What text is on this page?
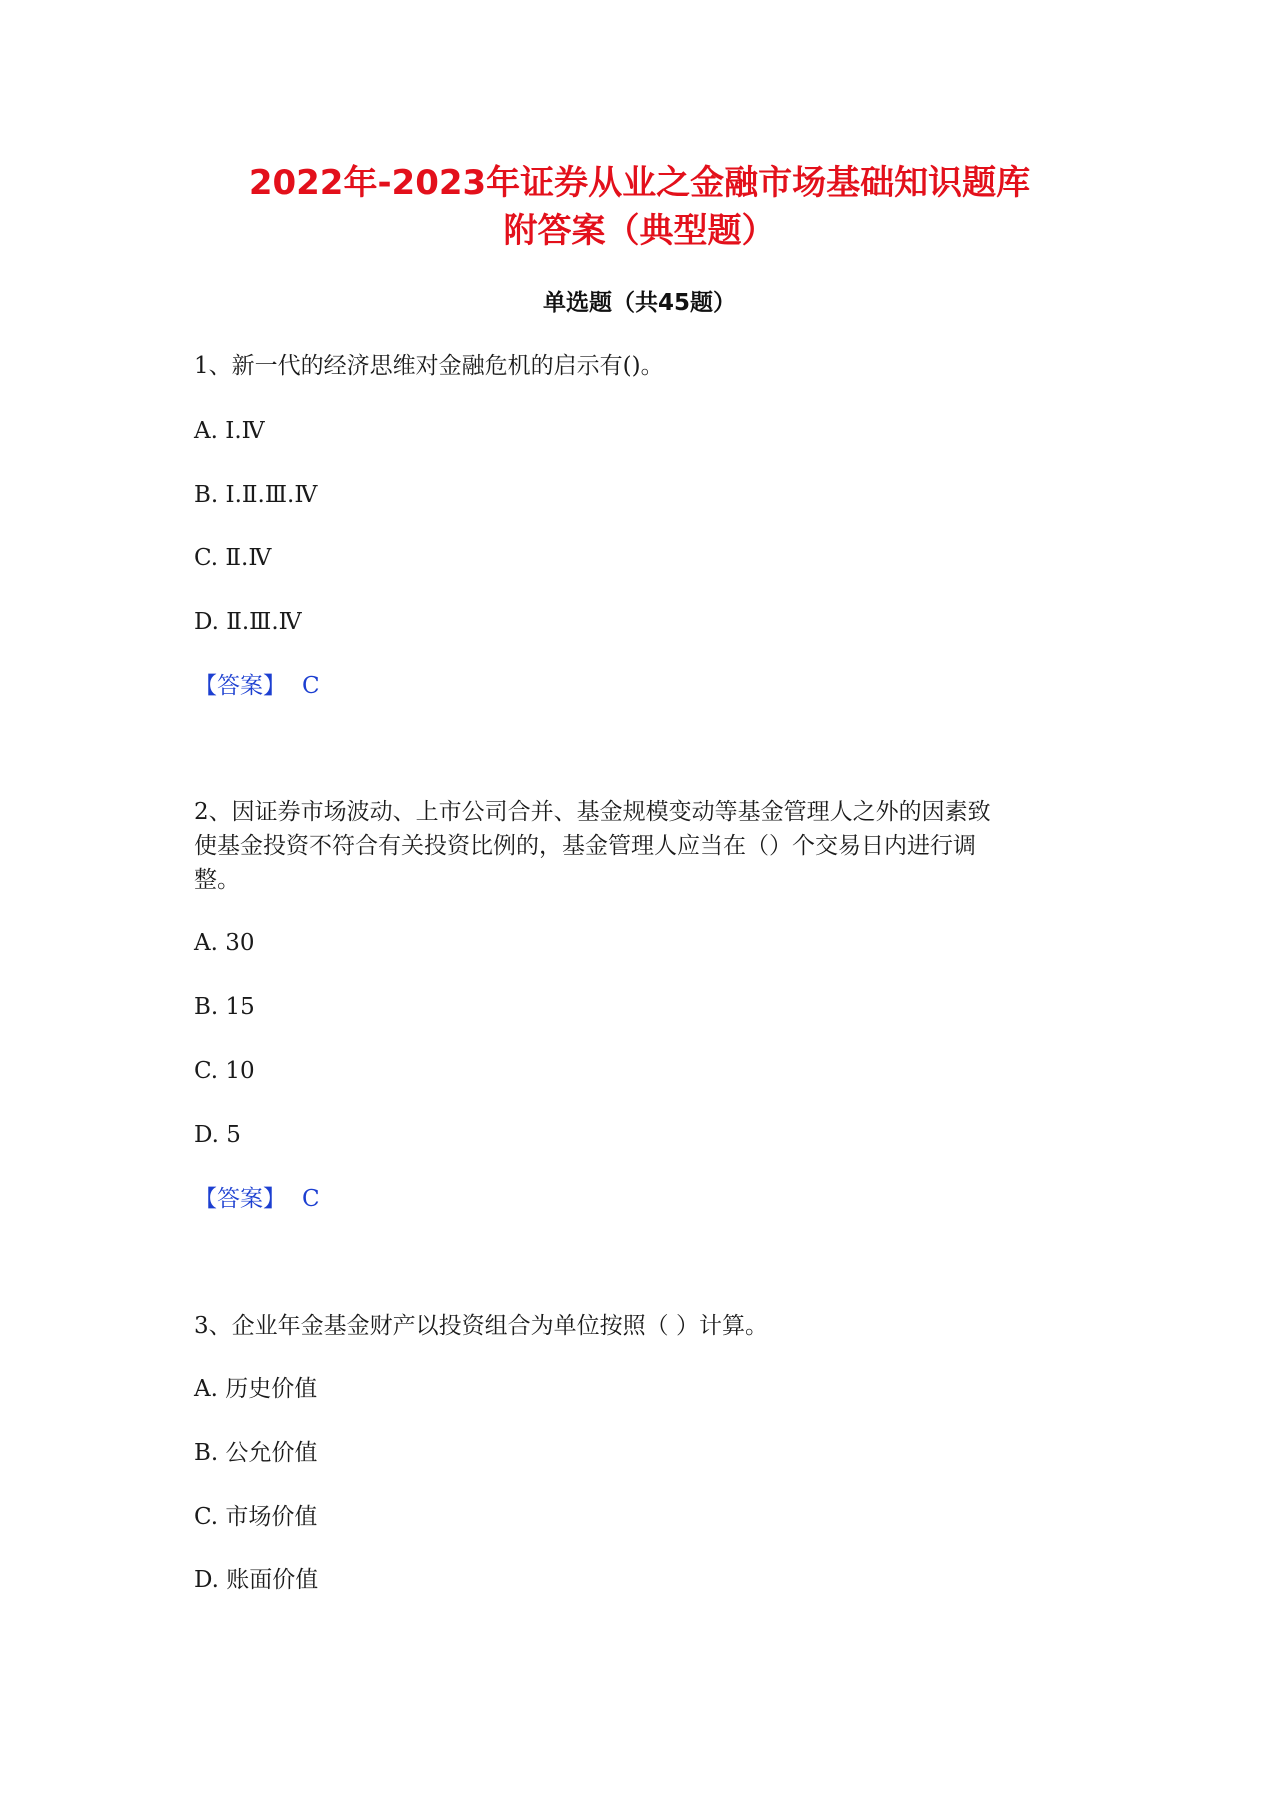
2022年-2023年证券从业之金融市场基础知识题库
附答案（典型题）
单选题（共45题）
1、新一代的经济思维对金融危机的启示有()。
A. Ⅰ.Ⅳ
B. Ⅰ.Ⅱ.Ⅲ.Ⅳ
C. Ⅱ.Ⅳ
D. Ⅱ.Ⅲ.Ⅳ
【答案】 C
2、因证券市场波动、上市公司合并、基金规模变动等基金管理人之外的因素致
使基金投资不符合有关投资比例的，基金管理人应当在（）个交易日内进行调
整。
A. 30
B. 15
C. 10
D. 5
【答案】 C
3、企业年金基金财产以投资组合为单位按照（ ）计算。
A. 历史价值
B. 公允价值
C. 市场价值
D. 账面价值
